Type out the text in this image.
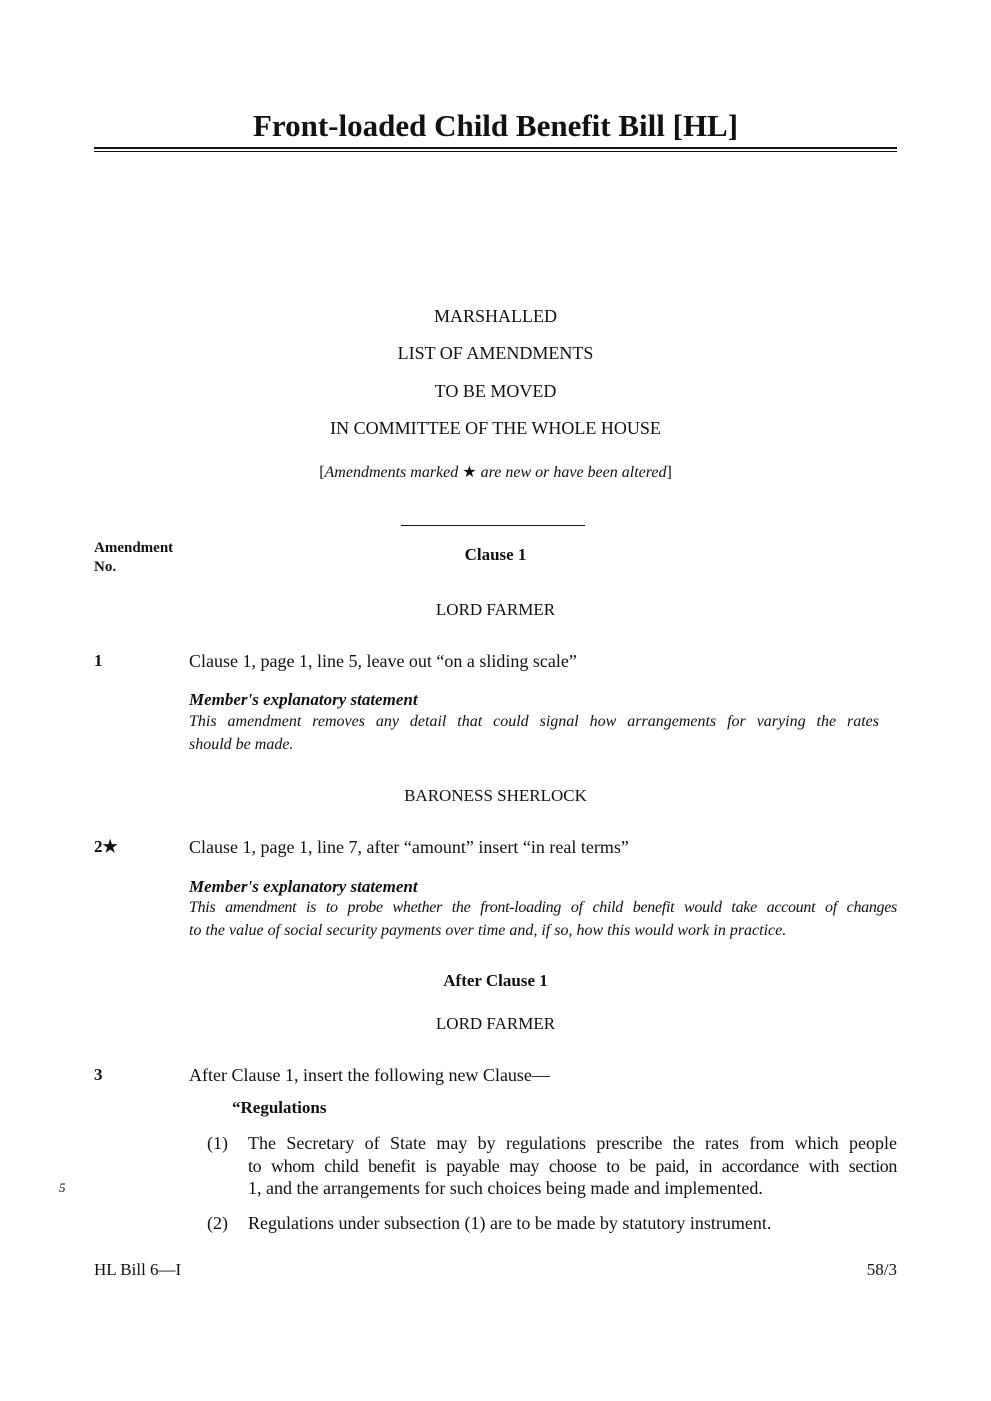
Front-loaded Child Benefit Bill [HL]
MARSHALLED
LIST OF AMENDMENTS
TO BE MOVED
IN COMMITTEE OF THE WHOLE HOUSE
[Amendments marked ★ are new or have been altered]
Amendment
No.
Clause 1
LORD FARMER
1	Clause 1, page 1, line 5, leave out “on a sliding scale”
Member's explanatory statement
This amendment removes any detail that could signal how arrangements for varying the rates
should be made.
BARONESS SHERLOCK
2★	Clause 1, page 1, line 7, after “amount” insert “in real terms”
Member's explanatory statement
This amendment is to probe whether the front-loading of child benefit would take account of changes
to the value of social security payments over time and, if so, how this would work in practice.
After Clause 1
LORD FARMER
3	After Clause 1, insert the following new Clause—
“Regulations
(1) The Secretary of State may by regulations prescribe the rates from which people
to whom child benefit is payable may choose to be paid, in accordance with section
1, and the arrangements for such choices being made and implemented.
5
(2) Regulations under subsection (1) are to be made by statutory instrument.
HL Bill 6—I	58/3
